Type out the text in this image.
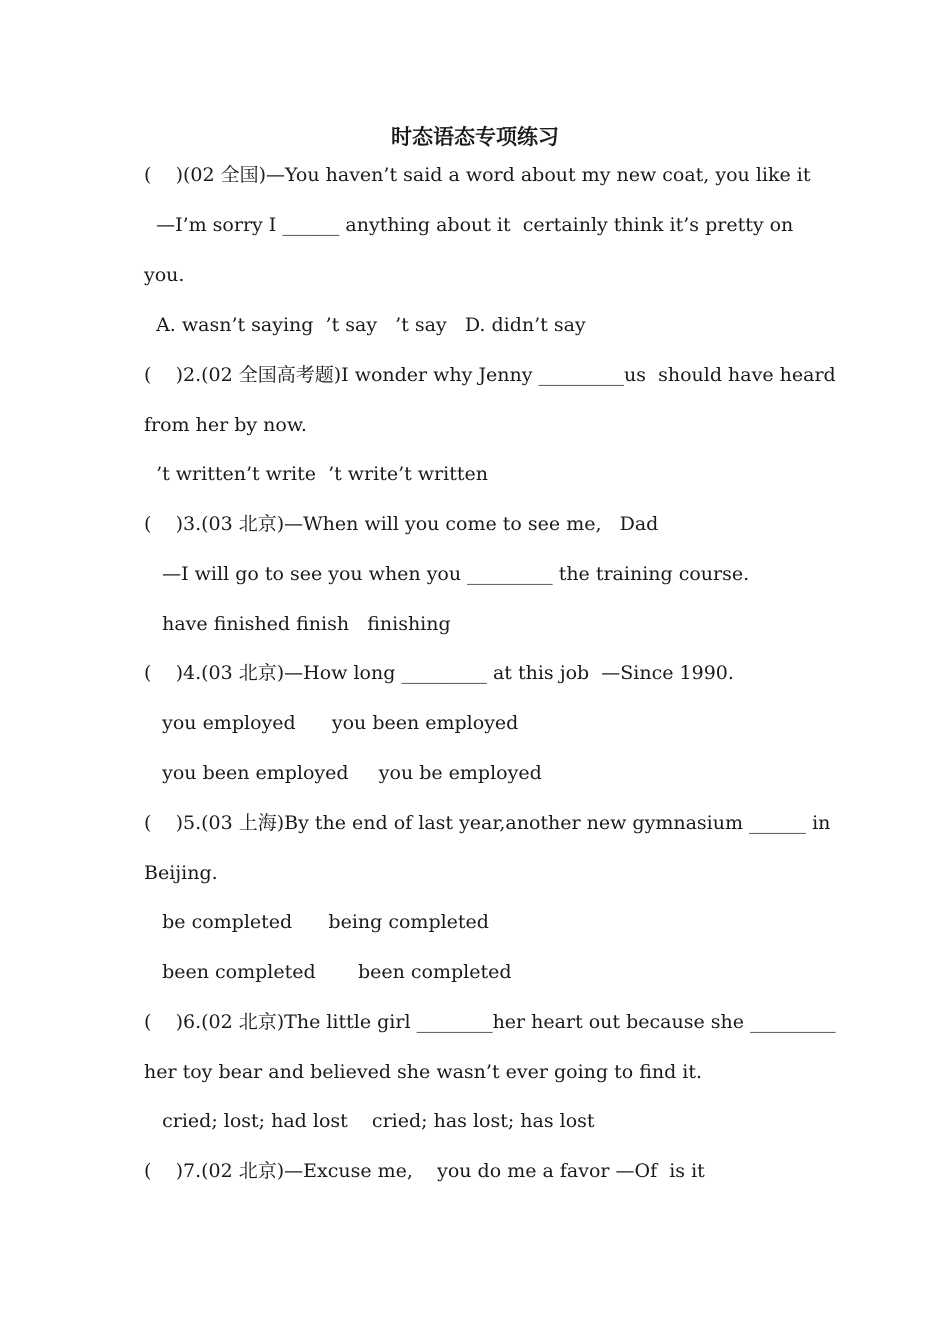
时态语态专项练习
(    )(02 全国)—You haven’t said a word about my new coat, you like it
—I’m sorry I ______ anything about it  certainly think it’s pretty on
you.
A. wasn’t saying  ’t say   ’t say   D. didn’t say
(    )2.(02 全国高考题)I wonder why Jenny _________us  should have heard
from her by now.
’t written’t write  ’t write’t written
(    )3.(03 北京)—When will you come to see me,   Dad
—I will go to see you when you _________ the training course.
have finished finish   finishing
(    )4.(03 北京)—How long _________ at this job  —Since 1990.
you employed      you been employed
you been employed     you be employed
(    )5.(03 上海)By the end of last year,another new gymnasium ______ in
Beijing.
be completed      being completed
been completed       been completed
(    )6.(02 北京)The little girl ________her heart out because she _________
her toy bear and believed she wasn’t ever going to find it.
cried; lost; had lost    cried; has lost; has lost
(    )7.(02 北京)—Excuse me,    you do me a favor —Of  is it
